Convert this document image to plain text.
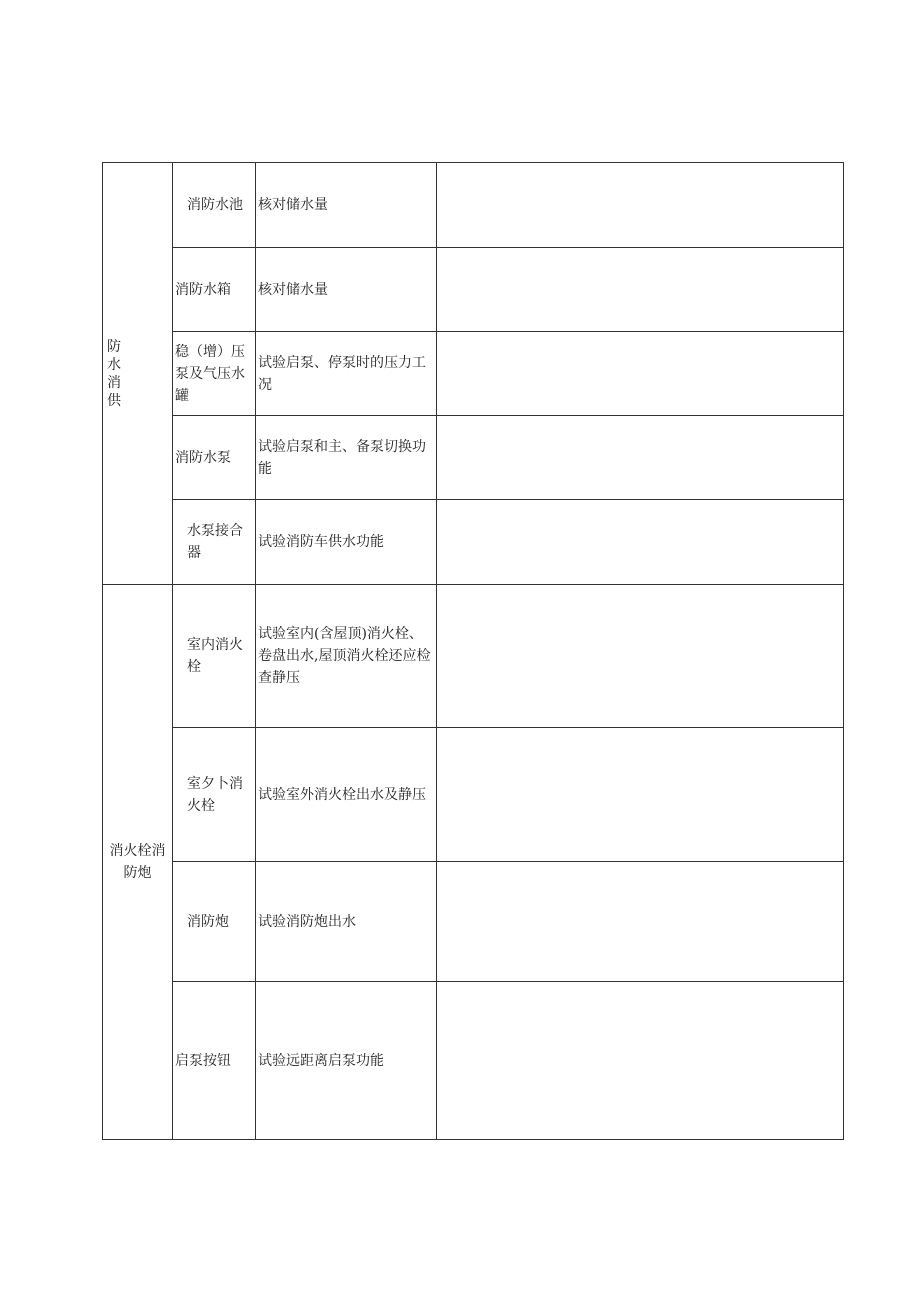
防水消供	消防水池	核对储水量	
	消防水箱	核对储水量	
	稳（增）压泵及气压水罐	试验启泵、停泵时的压力工况	
	消防水泵	试验启泵和主、备泵切换功能	
	水泵接合器	试验消防车供水功能	
消火栓消防炮	室内消火栓	试验室内(含屋顶)消火栓、卷盘出水,屋顶消火栓还应检查静压	
	室夕卜消火栓	试验室外消火栓出水及静压	
	消防炮	试验消防炮出水	
	启泵按钮	试验远距离启泵功能	
